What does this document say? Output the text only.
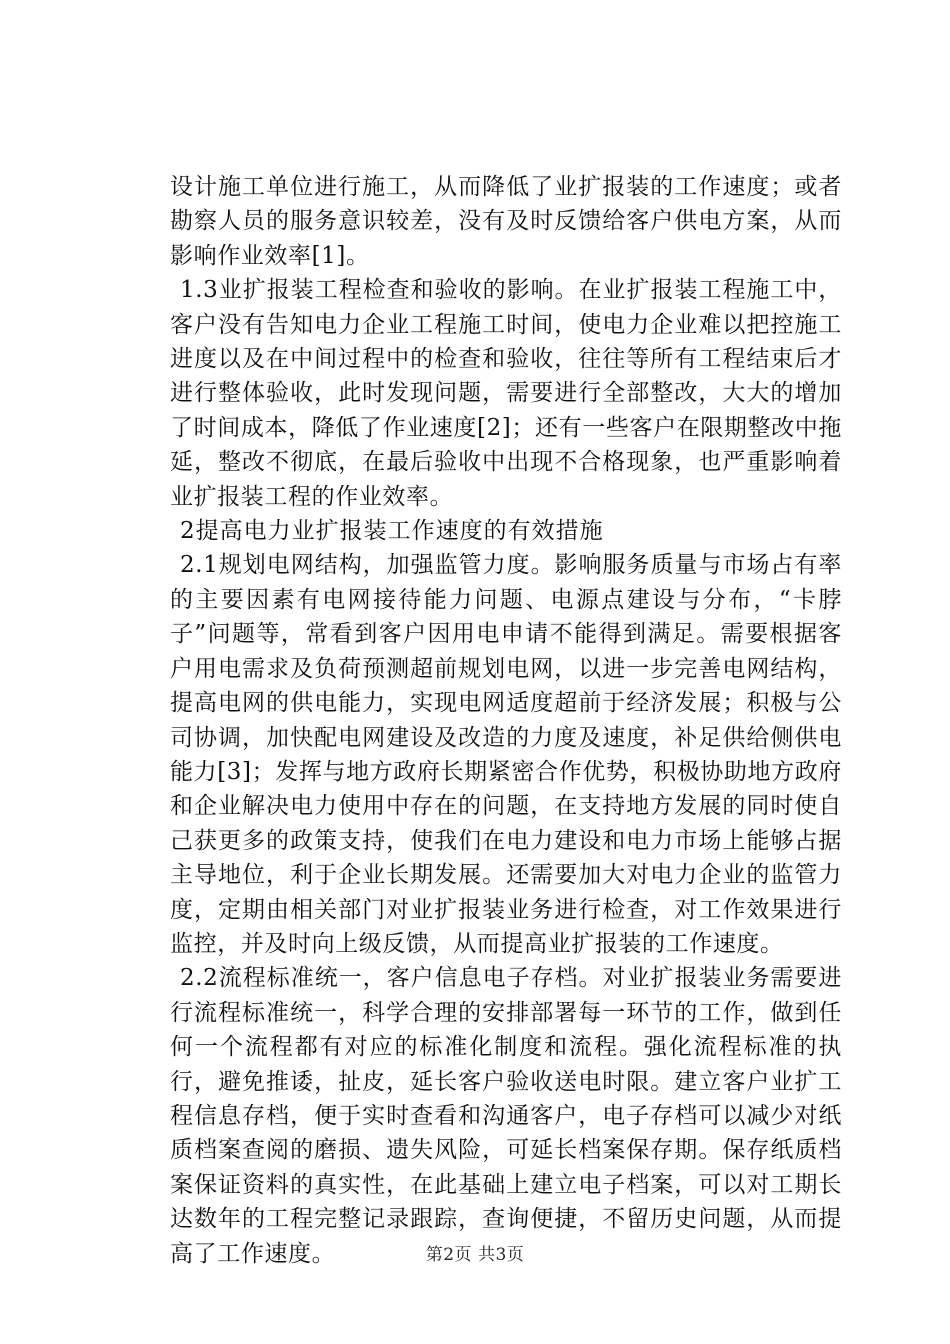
设计施工单位进行施工，从而降低了业扩报装的工作速度；或者勘察人员的服务意识较差，没有及时反馈给客户供电方案，从而影响作业效率[1]。

1.3业扩报装工程检查和验收的影响。在业扩报装工程施工中，客户没有告知电力企业工程施工时间，使电力企业难以把控施工进度以及在中间过程中的检查和验收，往往等所有工程结束后才进行整体验收，此时发现问题，需要进行全部整改，大大的增加了时间成本，降低了作业速度[2]；还有一些客户在限期整改中拖延，整改不彻底，在最后验收中出现不合格现象，也严重影响着业扩报装工程的作业效率。

2提高电力业扩报装工作速度的有效措施

2.1规划电网结构，加强监管力度。影响服务质量与市场占有率的主要因素有电网接待能力问题、电源点建设与分布，“卡脖子”问题等，常看到客户因用电申请不能得到满足。需要根据客户用电需求及负荷预测超前规划电网，以进一步完善电网结构，提高电网的供电能力，实现电网适度超前于经济发展；积极与公司协调，加快配电网建设及改造的力度及速度，补足供给侧供电能力[3]；发挥与地方政府长期紧密合作优势，积极协助地方政府和企业解决电力使用中存在的问题，在支持地方发展的同时使自己获更多的政策支持，使我们在电力建设和电力市场上能够占据主导地位，利于企业长期发展。还需要加大对电力企业的监管力度，定期由相关部门对业扩报装业务进行检查，对工作效果进行监控，并及时向上级反馈，从而提高业扩报装的工作速度。

2.2流程标准统一，客户信息电子存档。对业扩报装业务需要进行流程标准统一，科学合理的安排部署每一环节的工作，做到任何一个流程都有对应的标准化制度和流程。强化流程标准的执行，避免推诿，扯皮，延长客户验收送电时限。建立客户业扩工程信息存档，便于实时查看和沟通客户，电子存档可以减少对纸质档案查阅的磨损、遗失风险，可延长档案保存期。保存纸质档案保证资料的真实性，在此基础上建立电子档案，可以对工期长达数年的工程完整记录跟踪，查询便捷，不留历史问题，从而提高了工作速度。	第2页 共3页
